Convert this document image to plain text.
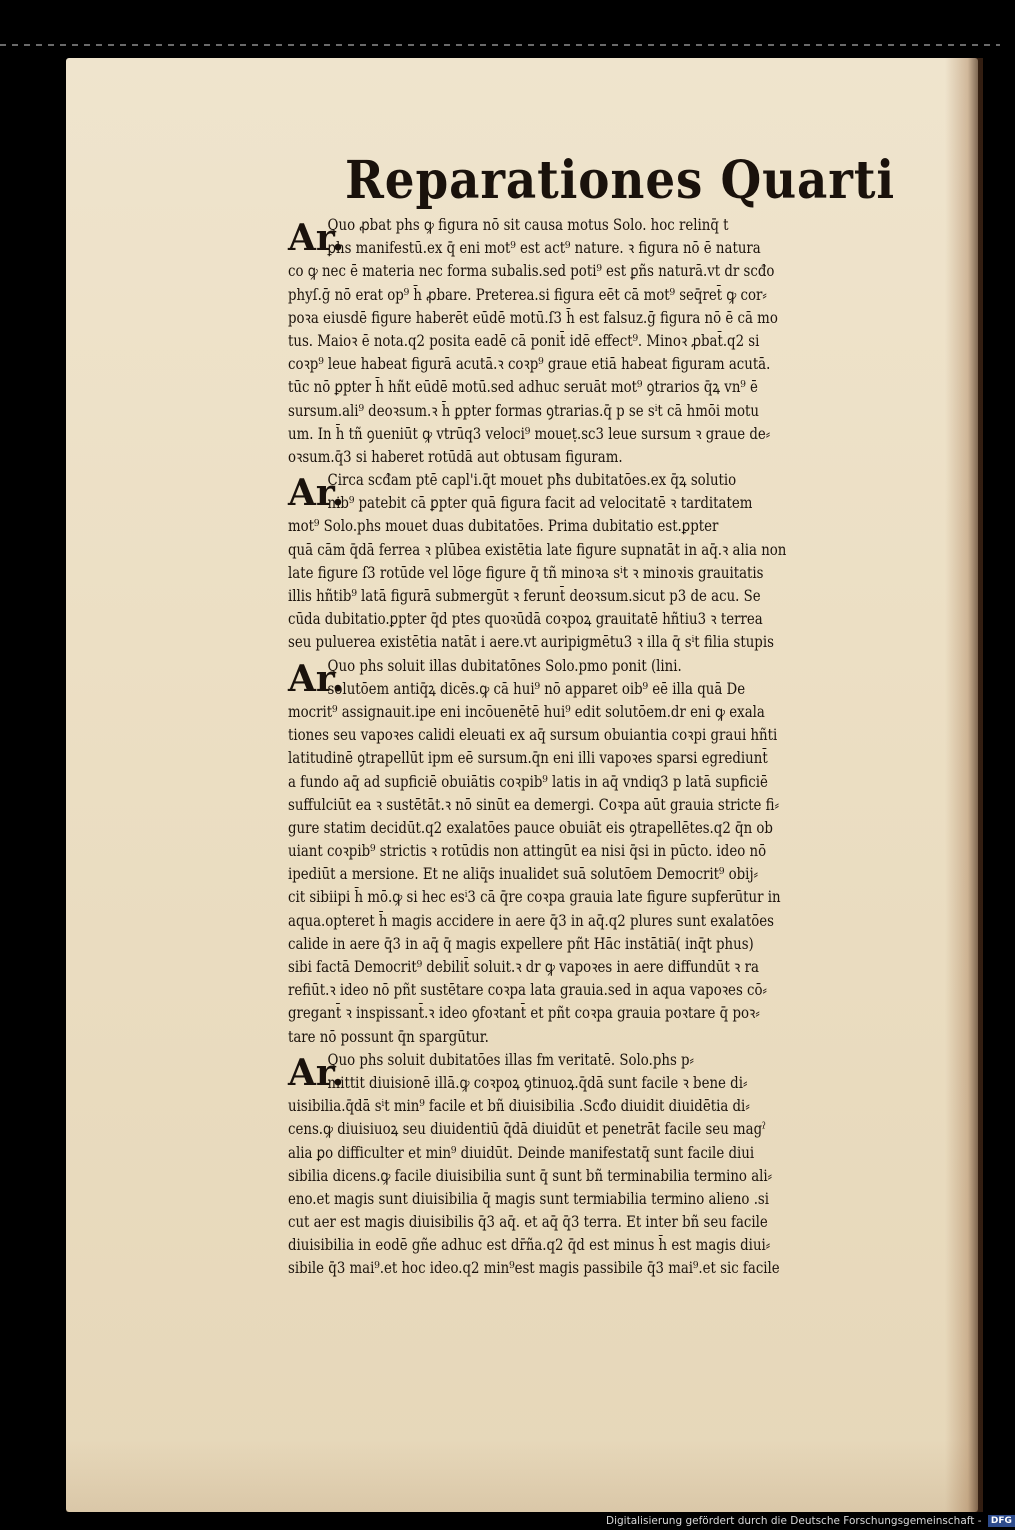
Reparationes Quarti
Ar.
Quo ꝓbat phs ꝙ figura nō sit causa motus Solo. hoc relinq̄ t
ꝑhs manifestū.ex q̄ eni mot⁹ est act⁹ nature. ꝛ figura nō ē natura
co ꝙ nec ē materia nec forma subalis.sed poti⁹ est ꝑñs naturā.vt dr scđo
phyſ.ḡ nō erat op⁹ h̄ ꝓbare. Preterea.si figura eēt cā mot⁹ seq̄ret̄ ꝙ cor⸗
poꝛa eiusdē figure haberēt eūdē motū.ſ3 h̄ est falsuz.ḡ figura nō ē cā mo
tus. Maioꝛ ē nota.q2 posita eadē cā ponit̄ idē effect⁹. Minoꝛ ꝓbat̄.q2 si
coꝛp⁹ leue habeat figurā acutā.ꝛ coꝛp⁹ graue etiā habeat figuram acutā.
tūc nō ꝑpter h̄ hñt eūdē motū.sed adhuc seruāt mot⁹ ꝯtrarios q̄ꝝ vn⁹ ē
sursum.ali⁹ deoꝛsum.ꝛ h̄ ꝑpter formas ꝯtrarias.q̄ p se sⁱt cā hmōi motu
um. In h̄ tñ ꝯueniūt ꝙ vtrūq3 veloci⁹ moueṭ.sc3 leue sursum ꝛ graue de⸗
oꝛsum.q̄3 si haberet rotūdā aut obtusam figuram.
Ar.
Circa scđam ptē capl'i.q̄t mouet pħs dubitatōes.ex q̄ꝝ solutio
nib⁹ patebit cā ꝑpter quā figura facit ad velocitatē ꝛ tarditatem
mot⁹ Solo.phs mouet duas dubitatōes. Prima dubitatio est.ꝑpter
quā cām q̄dā ferrea ꝛ plūbea existētia late figure supnatāt in aq̄.ꝛ alia non
late figure ſ3 rotūde vel lōge figure q̄ tñ minoꝛa sⁱt ꝛ minoꝛis grauitatis
illis hñtib⁹ latā figurā submergūt ꝛ ferunt̄ deoꝛsum.sicut p3 de acu. Se
cūda dubitatio.ꝑpter q̄d ptes quoꝛūdā coꝛpoꝝ grauitatē hñtiu3 ꝛ terrea
seu puluerea existētia natāt i aere.vt auripigmētu3 ꝛ illa q̄ sⁱt filia stupis
Ar.
Quo phs soluit illas dubitatōnes Solo.pmo ponit (lini.
solutōem antiq̄ꝝ dicēs.ꝙ cā hui⁹ nō apparet oib⁹ eē illa quā De
mocrit⁹ assignauit.ipe eni incōuenētē hui⁹ edit solutōem.dr eni ꝙ exala
tiones seu vapoꝛes calidi eleuati ex aq̄ sursum obuiantia coꝛpi graui hñti
latitudinē ꝯtrapellūt ipm eē sursum.q̄n eni illi vapoꝛes sparsi egrediunt̄
a fundo aq̄ ad supficiē obuiātis coꝛpib⁹ latis in aq̄ vndiq3 p latā supficiē
suffulciūt ea ꝛ sustētāt.ꝛ nō sinūt ea demergi. Coꝛpa aūt grauia stricte fi⸗
gure statim decidūt.q2 exalatōes pauce obuiāt eis ꝯtrapellētes.q2 q̄n ob
uiant coꝛpib⁹ strictis ꝛ rotūdis non attingūt ea nisi q̄si in pūcto. ideo nō
ipediūt a mersione. Et ne aliq̄s inualidet suā solutōem Democrit⁹ obij⸗
cit sibiipi h̄ mō.ꝙ si hec esⁱ3 cā q̄re coꝛpa grauia late figure supferūtur in
aqua.opteret h̄ magis accidere in aere q̄3 in aq̄.q2 plures sunt exalatōes
calide in aere q̄3 in aq̄ q̄ magis expellere pñt Hāc instātiā( inq̄t phus)
sibi factā Democrit⁹ debilit̄ soluit.ꝛ dr ꝙ vapoꝛes in aere diffundūt ꝛ ra
refiūt.ꝛ ideo nō pñt sustētare coꝛpa lata grauia.sed in aqua vapoꝛes cō⸗
gregant̄ ꝛ inspissant̄.ꝛ ideo ꝯfoꝛtant̄ et pñt coꝛpa grauia poꝛtare q̄ poꝛ⸗
tare nō possunt q̄n spargūtur.
Ar.
Quo phs soluit dubitatōes illas fm veritatē. Solo.phs p⸗
mittit diuisionē illā.ꝙ coꝛpoꝝ ꝯtinuoꝝ.q̄dā sunt facile ꝛ bene di⸗
uisibilia.q̄dā sⁱt min⁹ facile et bñ diuisibilia .Scđo diuidit diuidētia di⸗
cens.ꝙ diuisiuoꝝ seu diuidentiū q̄dā diuidūt et penetrāt facile seu magˀ
alia ꝑo difficulter et min⁹ diuidūt. Deinde manifestatq̄ sunt facile diui
sibilia dicens.ꝙ facile diuisibilia sunt q̄ sunt bñ terminabilia termino ali⸗
eno.et magis sunt diuisibilia q̄ magis sunt termiabilia termino alieno .si
cut aer est magis diuisibilis q̄3 aq̄. et aq̄ q̄3 terra. Et inter bñ seu facile
diuisibilia in eodē gñe adhuc est dr̄ña.q2 q̄d est minus h̄ est magis diui⸗
sibile q̄3 mai⁹.et hoc ideo.q2 min⁹est magis passibile q̄3 mai⁹.et sic facile
Digitalisierung gefördert durch die Deutsche Forschungsgemeinschaft - DFG
